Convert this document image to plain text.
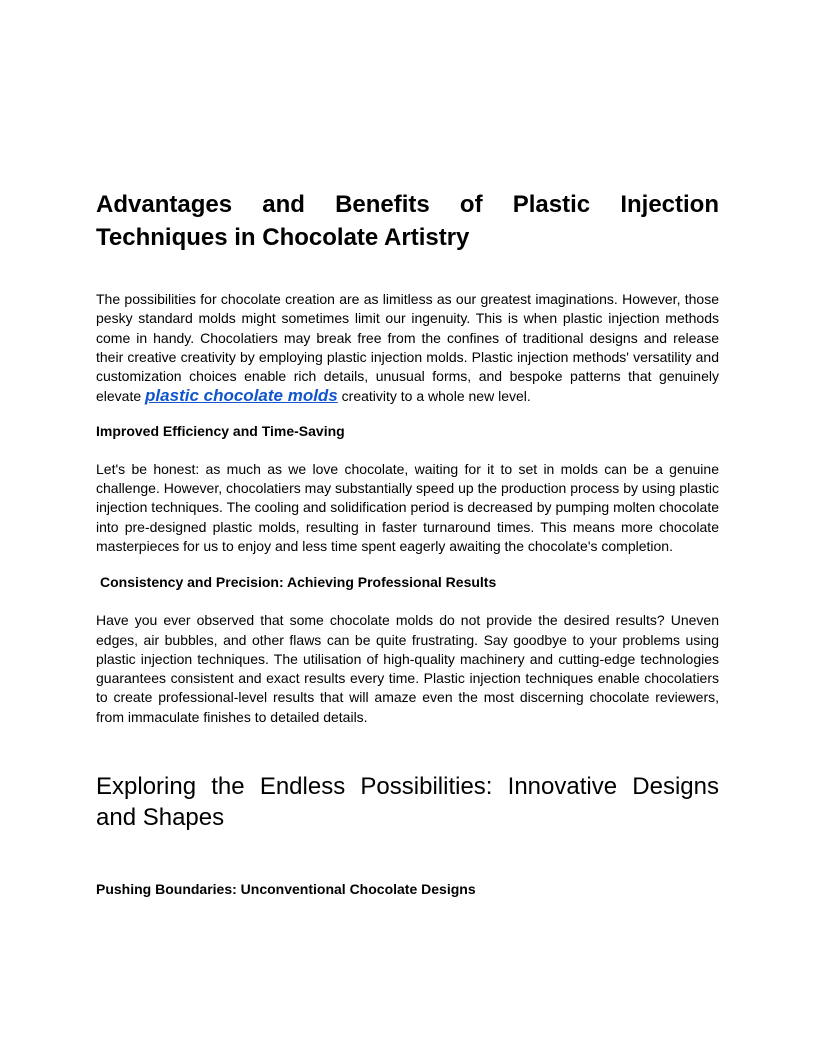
Advantages and Benefits of Plastic Injection Techniques in Chocolate Artistry

The possibilities for chocolate creation are as limitless as our greatest imaginations. However, those pesky standard molds might sometimes limit our ingenuity. This is when plastic injection methods come in handy. Chocolatiers may break free from the confines of traditional designs and release their creative creativity by employing plastic injection molds. Plastic injection methods' versatility and customization choices enable rich details, unusual forms, and bespoke patterns that genuinely elevate plastic chocolate molds creativity to a whole new level.

Improved Efficiency and Time-Saving

Let's be honest: as much as we love chocolate, waiting for it to set in molds can be a genuine challenge. However, chocolatiers may substantially speed up the production process by using plastic injection techniques. The cooling and solidification period is decreased by pumping molten chocolate into pre-designed plastic molds, resulting in faster turnaround times. This means more chocolate masterpieces for us to enjoy and less time spent eagerly awaiting the chocolate's completion.

Consistency and Precision: Achieving Professional Results

Have you ever observed that some chocolate molds do not provide the desired results? Uneven edges, air bubbles, and other flaws can be quite frustrating. Say goodbye to your problems using plastic injection techniques. The utilisation of high-quality machinery and cutting-edge technologies guarantees consistent and exact results every time. Plastic injection techniques enable chocolatiers to create professional-level results that will amaze even the most discerning chocolate reviewers, from immaculate finishes to detailed details.

Exploring the Endless Possibilities: Innovative Designs and Shapes
Pushing Boundaries: Unconventional Chocolate Designs
